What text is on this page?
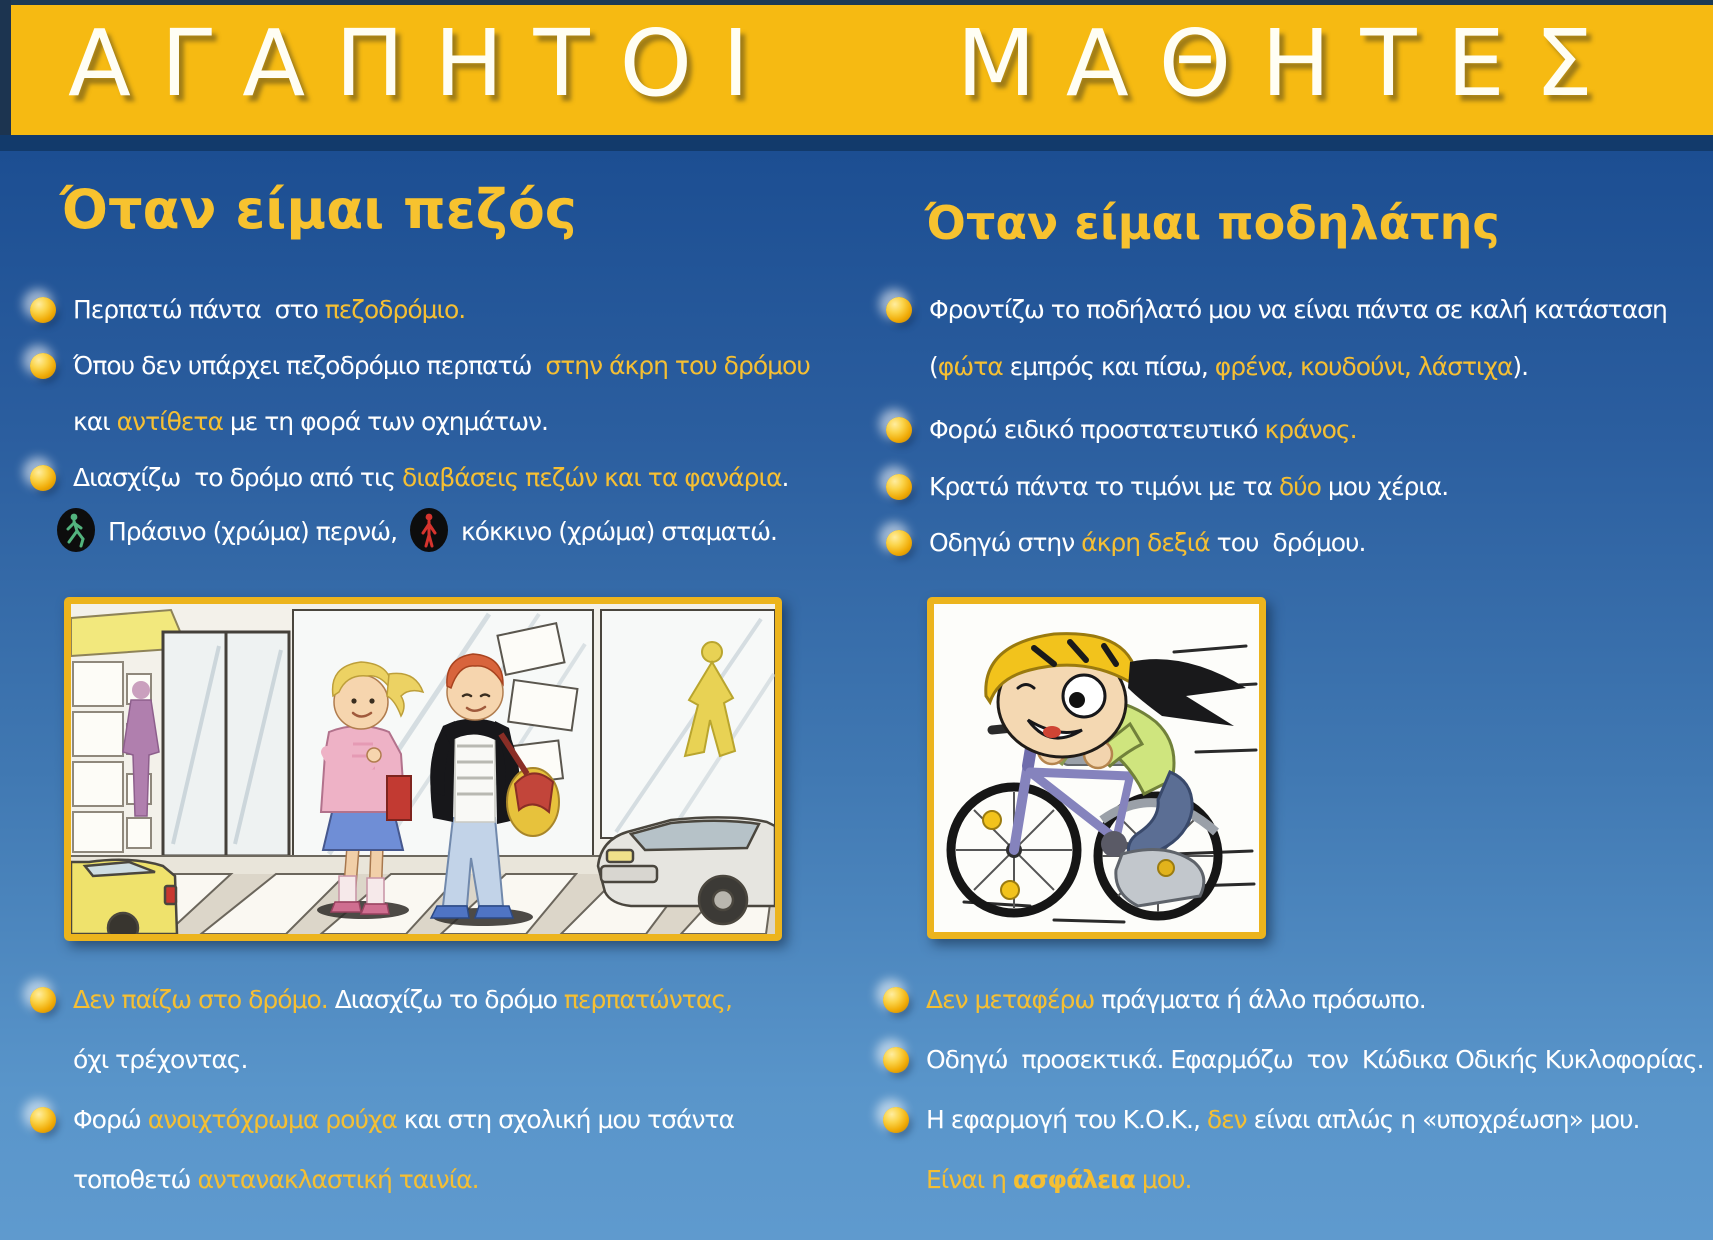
ΑΓΑΠΗΤΟΙ ΜΑΘΗΤΕΣ
Όταν είμαι πεζός	Όταν είμαι ποδηλάτης
Περπατώ πάντα  στο πεζοδρόμιο.
Όπου δεν υπάρχει πεζοδρόμιο περπατώ  στην άκρη του δρόμου
και αντίθετα με τη φορά των οχημάτων.
Διασχίζω  το δρόμο από τις διαβάσεις πεζών και τα φανάρια.
Πράσινο (χρώμα) περνώ,	κόκκινο (χρώμα) σταματώ.
Φροντίζω το ποδήλατό μου να είναι πάντα σε καλή κατάσταση
(φώτα εμπρός και πίσω, φρένα, κουδούνι, λάστιχα).
Φορώ ειδικό προστατευτικό κράνος.
Κρατώ πάντα το τιμόνι με τα δύο μου χέρια.
Οδηγώ στην άκρη δεξιά του  δρόμου.
Δεν παίζω στο δρόμο. Διασχίζω το δρόμο περπατώντας,
όχι τρέχοντας.
Φορώ ανοιχτόχρωμα ρούχα και στη σχολική μου τσάντα
τοποθετώ αντανακλαστική ταινία.
Δεν μεταφέρω πράγματα ή άλλο πρόσωπο.
Οδηγώ  προσεκτικά. Εφαρμόζω  τον  Κώδικα Οδικής Κυκλοφορίας.
Η εφαρμογή του Κ.Ο.Κ., δεν είναι απλώς η «υποχρέωση» μου.
Είναι η ασφάλεια μου.
